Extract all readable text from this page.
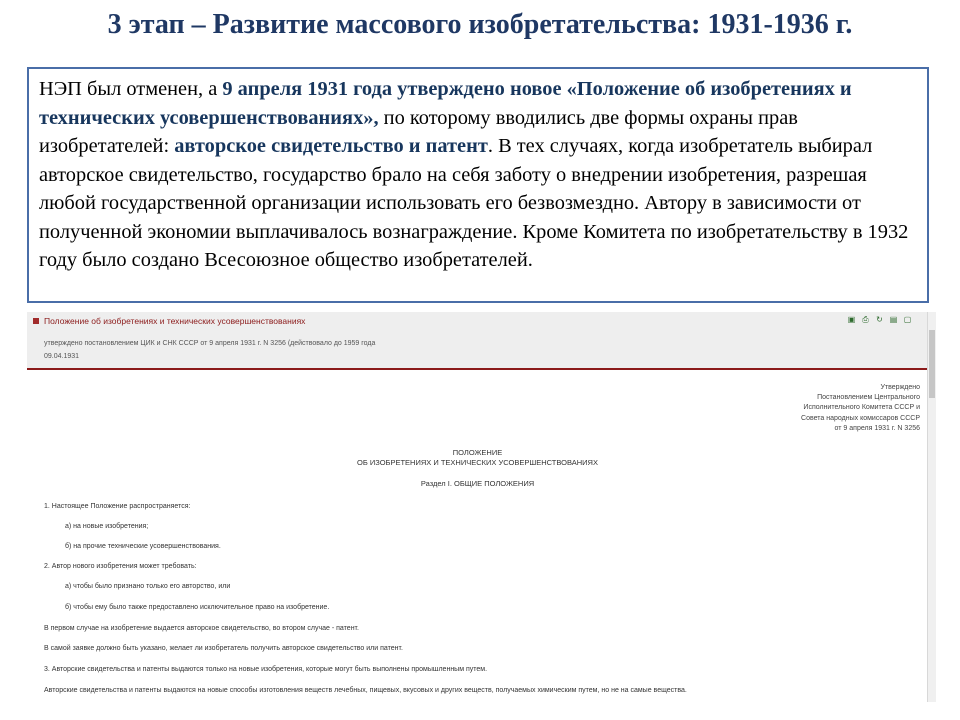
3 этап – Развитие массового изобретательства: 1931-1936 г.

НЭП был отменен, а 9 апреля 1931 года утверждено новое «Положение об изобретениях и технических усовершенствованиях», по которому вводились две формы охраны прав изобретателей: авторское свидетельство и патент. В тех случаях, когда изобретатель выбирал авторское свидетельство, государство брало на себя заботу о внедрении изобретения, разрешая любой государственной организации использовать его безвозмездно. Автору в зависимости от полученной экономии выплачивалось вознаграждение. Кроме Комитета по изобретательству в 1932 году было создано Всесоюзное общество изобретателей.

Положение об изобретениях и технических усовершенствованиях
утверждено постановлением ЦИК и СНК СССР от 9 апреля 1931 г. N 3256 (действовало до 1959 года
09.04.1931
▣ ⎙ ↻ ▤ ▢
Утверждено
Постановлением Центрального
Исполнительного Комитета СССР и
Совета народных комиссаров СССР
от 9 апреля 1931 г. N 3256
ПОЛОЖЕНИЕ
ОБ ИЗОБРЕТЕНИЯХ И ТЕХНИЧЕСКИХ УСОВЕРШЕНСТВОВАНИЯХ
Раздел I. ОБЩИЕ ПОЛОЖЕНИЯ
1. Настоящее Положение распространяется:
а) на новые изобретения;
б) на прочие технические усовершенствования.
2. Автор нового изобретения может требовать:
а) чтобы было признано только его авторство, или
б) чтобы ему было также предоставлено исключительное право на изобретение.
В первом случае на изобретение выдается авторское свидетельство, во втором случае - патент.
В самой заявке должно быть указано, желает ли изобретатель получить авторское свидетельство или патент.
3. Авторские свидетельства и патенты выдаются только на новые изобретения, которые могут быть выполнены промышленным путем.
Авторские свидетельства и патенты выдаются на новые способы изготовления веществ лечебных, пищевых, вкусовых и других веществ, получаемых химическим путем, но не на самые вещества.
